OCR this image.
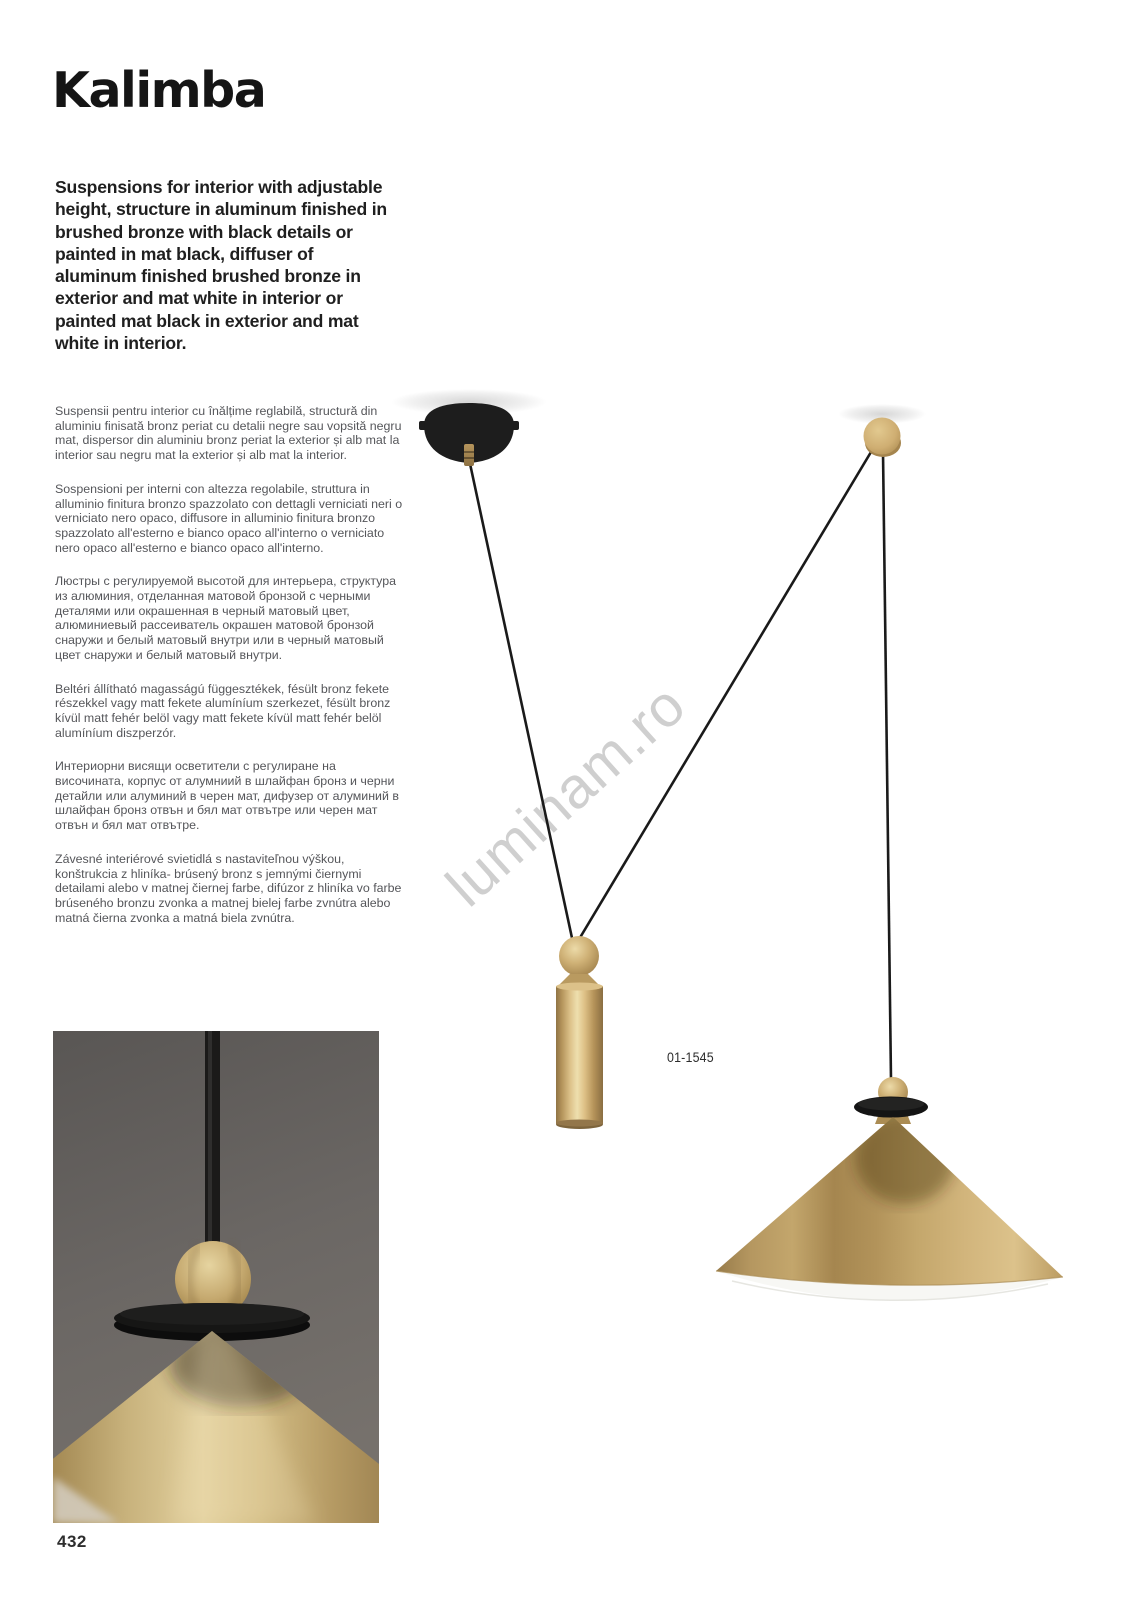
Kalimba

Suspensions for interior with adjustable height, structure in aluminum finished in brushed bronze with black details or painted in mat black, diffuser of aluminum finished brushed bronze in exterior and mat white in interior or painted mat black in exterior and mat white in interior.

Suspensii pentru interior cu înălțime reglabilă, structură din aluminiu finisată bronz periat cu detalii negre sau vopsită negru mat, dispersor din aluminiu bronz periat la exterior și alb mat la interior sau negru mat la exterior și alb mat la interior.

Sospensioni per interni con altezza regolabile, struttura in alluminio finitura bronzo spazzolato con dettagli verniciati neri o verniciato nero opaco, diffusore in alluminio finitura bronzo spazzolato all'esterno e bianco opaco all'interno o verniciato nero opaco all'esterno e bianco opaco all'interno.

Люстры с регулируемой высотой для интерьера, структура из алюминия, отделанная матовой бронзой с черными деталями или окрашенная в черный матовый цвет, алюминиевый рассеиватель окрашен матовой бронзой снаружи и белый матовый внутри или в черный матовый цвет снаружи и белый матовый внутри.

Beltéri állítható magasságú függesztékek, fésült bronz fekete részekkel vagy matt fekete alumíníum szerkezet, fésült bronz kívül matt fehér belöl vagy matt fekete kívül matt fehér belöl alumíníum diszperzór.

Интериорни висящи осветители с регулиране на височината, корпус от алумниий в шлайфан бронз и черни детайли или алуминий в черен мат, дифузер от алуминий в шлайфан бронз отвън и бял мат отвътре или черен мат отвън и бял мат отвътре.

Závesné interiérové svietidlá s nastaviteľnou výškou, konštrukcia z hliníka- brúsený bronz s jemnými čiernymi detailami alebo v matnej čiernej farbe, difúzor z hliníka vo farbe brúseného bronzu zvonka a matnej bielej farbe zvnútra alebo matná čierna zvonka a matná biela zvnútra.	luminam.ro
01-1545
432
